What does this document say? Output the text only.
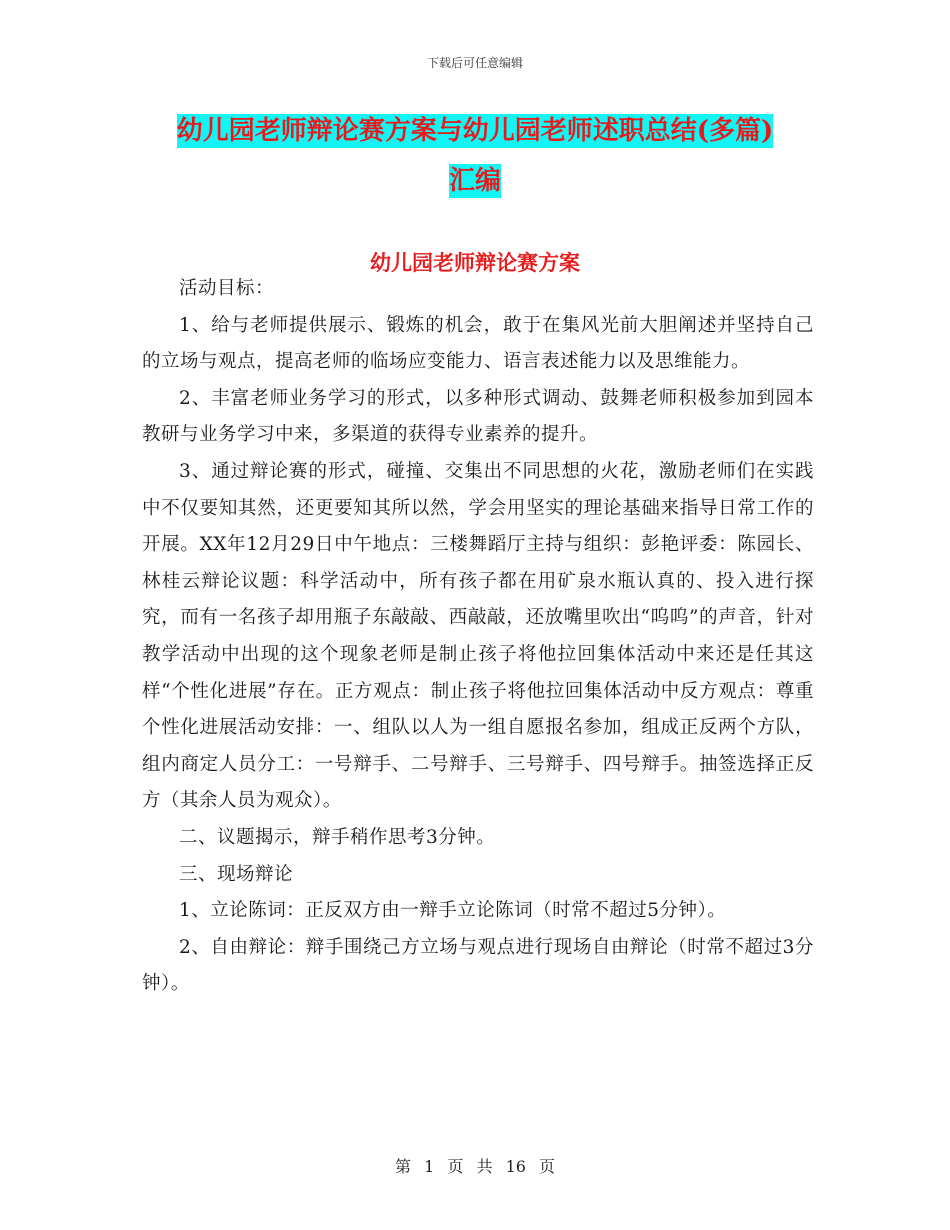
下载后可任意编辑
幼儿园老师辩论赛方案与幼儿园老师述职总结(多篇)
汇编
幼儿园老师辩论赛方案

活动目标：

1、给与老师提供展示、锻炼的机会，敢于在集风光前大胆阐述并坚持自己的立场与观点，提高老师的临场应变能力、语言表述能力以及思维能力。

2、丰富老师业务学习的形式，以多种形式调动、鼓舞老师积极参加到园本教研与业务学习中来，多渠道的获得专业素养的提升。

3、通过辩论赛的形式，碰撞、交集出不同思想的火花，激励老师们在实践中不仅要知其然，还更要知其所以然，学会用坚实的理论基础来指导日常工作的开展。XX年12月29日中午地点：三楼舞蹈厅主持与组织：彭艳评委：陈园长、林桂云辩论议题：科学活动中，所有孩子都在用矿泉水瓶认真的、投入进行探究，而有一名孩子却用瓶子东敲敲、西敲敲，还放嘴里吹出“呜呜”的声音，针对教学活动中出现的这个现象老师是制止孩子将他拉回集体活动中来还是任其这样“个性化进展”存在。正方观点：制止孩子将他拉回集体活动中反方观点：尊重个性化进展活动安排：一、组队以人为一组自愿报名参加，组成正反两个方队，组内商定人员分工：一号辩手、二号辩手、三号辩手、四号辩手。抽签选择正反方（其余人员为观众）。

二、议题揭示，辩手稍作思考3分钟。

三、现场辩论

1、立论陈词：正反双方由一辩手立论陈词（时常不超过5分钟）。

2、自由辩论：辩手围绕己方立场与观点进行现场自由辩论（时常不超过3分钟）。

第 1 页 共 16 页
